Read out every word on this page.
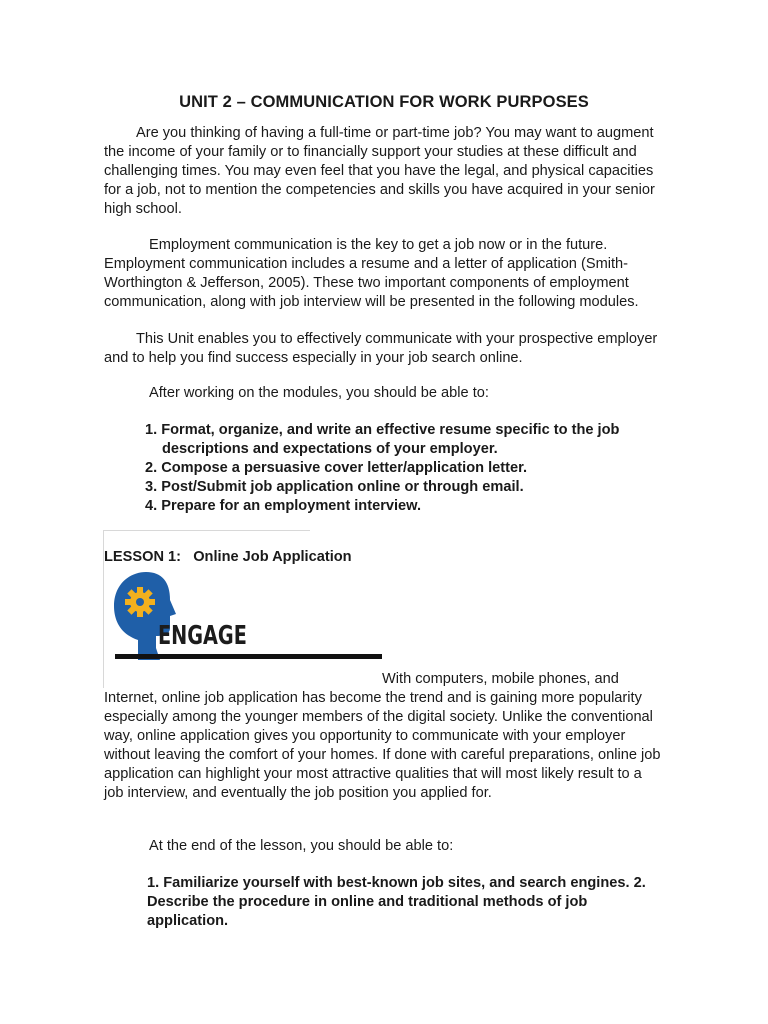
UNIT 2 – COMMUNICATION FOR WORK PURPOSES

Are you thinking of having a full-time or part-time job? You may want to augment the income of your family or to financially support your studies at these difficult and challenging times. You may even feel that you have the legal, and physical capacities for a job, not to mention the competencies and skills you have acquired in your senior high school.

Employment communication is the key to get a job now or in the future. Employment communication includes a resume and a letter of application (Smith-Worthington & Jefferson, 2005). These two important components of employment communication, along with job interview will be presented in the following modules.

This Unit enables you to effectively communicate with your prospective employer and to help you find success especially in your job search online.

After working on the modules, you should be able to:

1. Format, organize, and write an effective resume specific to the job descriptions and expectations of your employer.
2. Compose a persuasive cover letter/application letter.
3. Post/Submit job application online or through email.
4. Prepare for an employment interview.
LESSON 1:   Online Job Application
ENGAGE

With computers, mobile phones, and

Internet, online job application has become the trend and is gaining more popularity especially among the younger members of the digital society. Unlike the conventional way, online application gives you opportunity to communicate with your employer without leaving the comfort of your homes. If done with careful preparations, online job application can highlight your most attractive qualities that will most likely result to a job interview, and eventually the job position you applied for.

At the end of the lesson, you should be able to:

1. Familiarize yourself with best-known job sites, and search engines. 2. Describe the procedure in online and traditional methods of job application.
